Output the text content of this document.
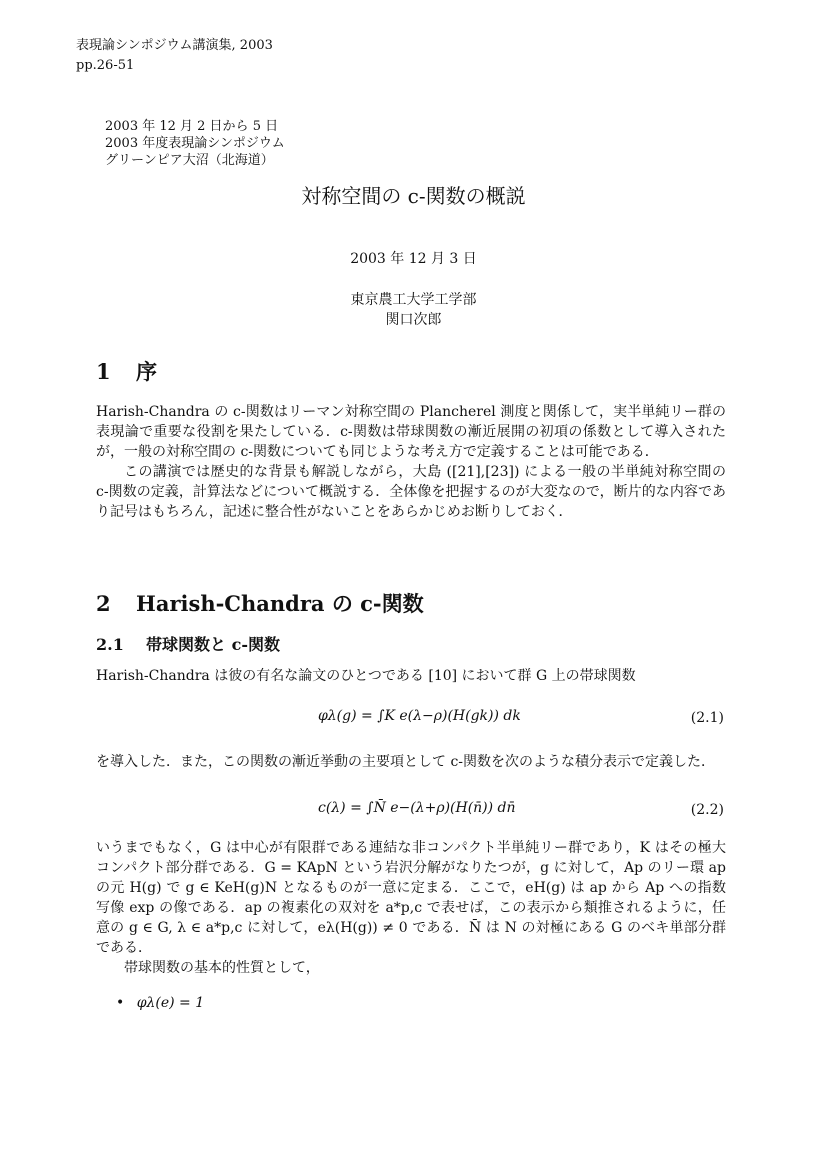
表現論シンポジウム講演集, 2003
pp.26-51
2003 年 12 月 2 日から 5 日
2003 年度表現論シンポジウム
グリーンピア大沼（北海道）
対称空間の c-関数の概説
2003 年 12 月 3 日
東京農工大学工学部
関口次郎
1 序

Harish-Chandra の c-関数はリーマン対称空間の Plancherel 測度と関係して，実半単純リー群の表現論で重要な役割を果たしている．c-関数は帯球関数の漸近展開の初項の係数として導入されたが，一般の対称空間の c-関数についても同じような考え方で定義することは可能である．

この講演では歴史的な背景も解説しながら，大島 ([21],[23]) による一般の半単純対称空間の c-関数の定義，計算法などについて概説する．全体像を把握するのが大変なので，断片的な内容であり記号はもちろん，記述に整合性がないことをあらかじめお断りしておく．

2 Harish-Chandra の c-関数
2.1 帯球関数と c-関数
Harish-Chandra は彼の有名な論文のひとつである [10] において群 G 上の帯球関数
φλ(g) = ∫K e(λ−ρ)(H(gk)) dk	(2.1)
を導入した．また，この関数の漸近挙動の主要項として c-関数を次のような積分表示で定義した．
c(λ) = ∫N̄ e−(λ+ρ)(H(n̄)) dn̄	(2.2)

いうまでもなく，G は中心が有限群である連結な非コンパクト半単純リー群であり，K はその極大コンパクト部分群である．G = KApN という岩沢分解がなりたつが，g に対して，Ap のリー環 ap の元 H(g) で g ∈ KeH(g)N となるものが一意に定まる．ここで，eH(g) は ap から Ap への指数写像 exp の像である．ap の複素化の双対を a*p,c で表せば，この表示から類推されるように，任意の g ∈ G, λ ∈ a*p,c に対して，eλ(H(g)) ≠ 0 である．N̄ は N の対極にある G のベキ単部分群である．

帯球関数の基本的性質として，

• φλ(e) = 1
